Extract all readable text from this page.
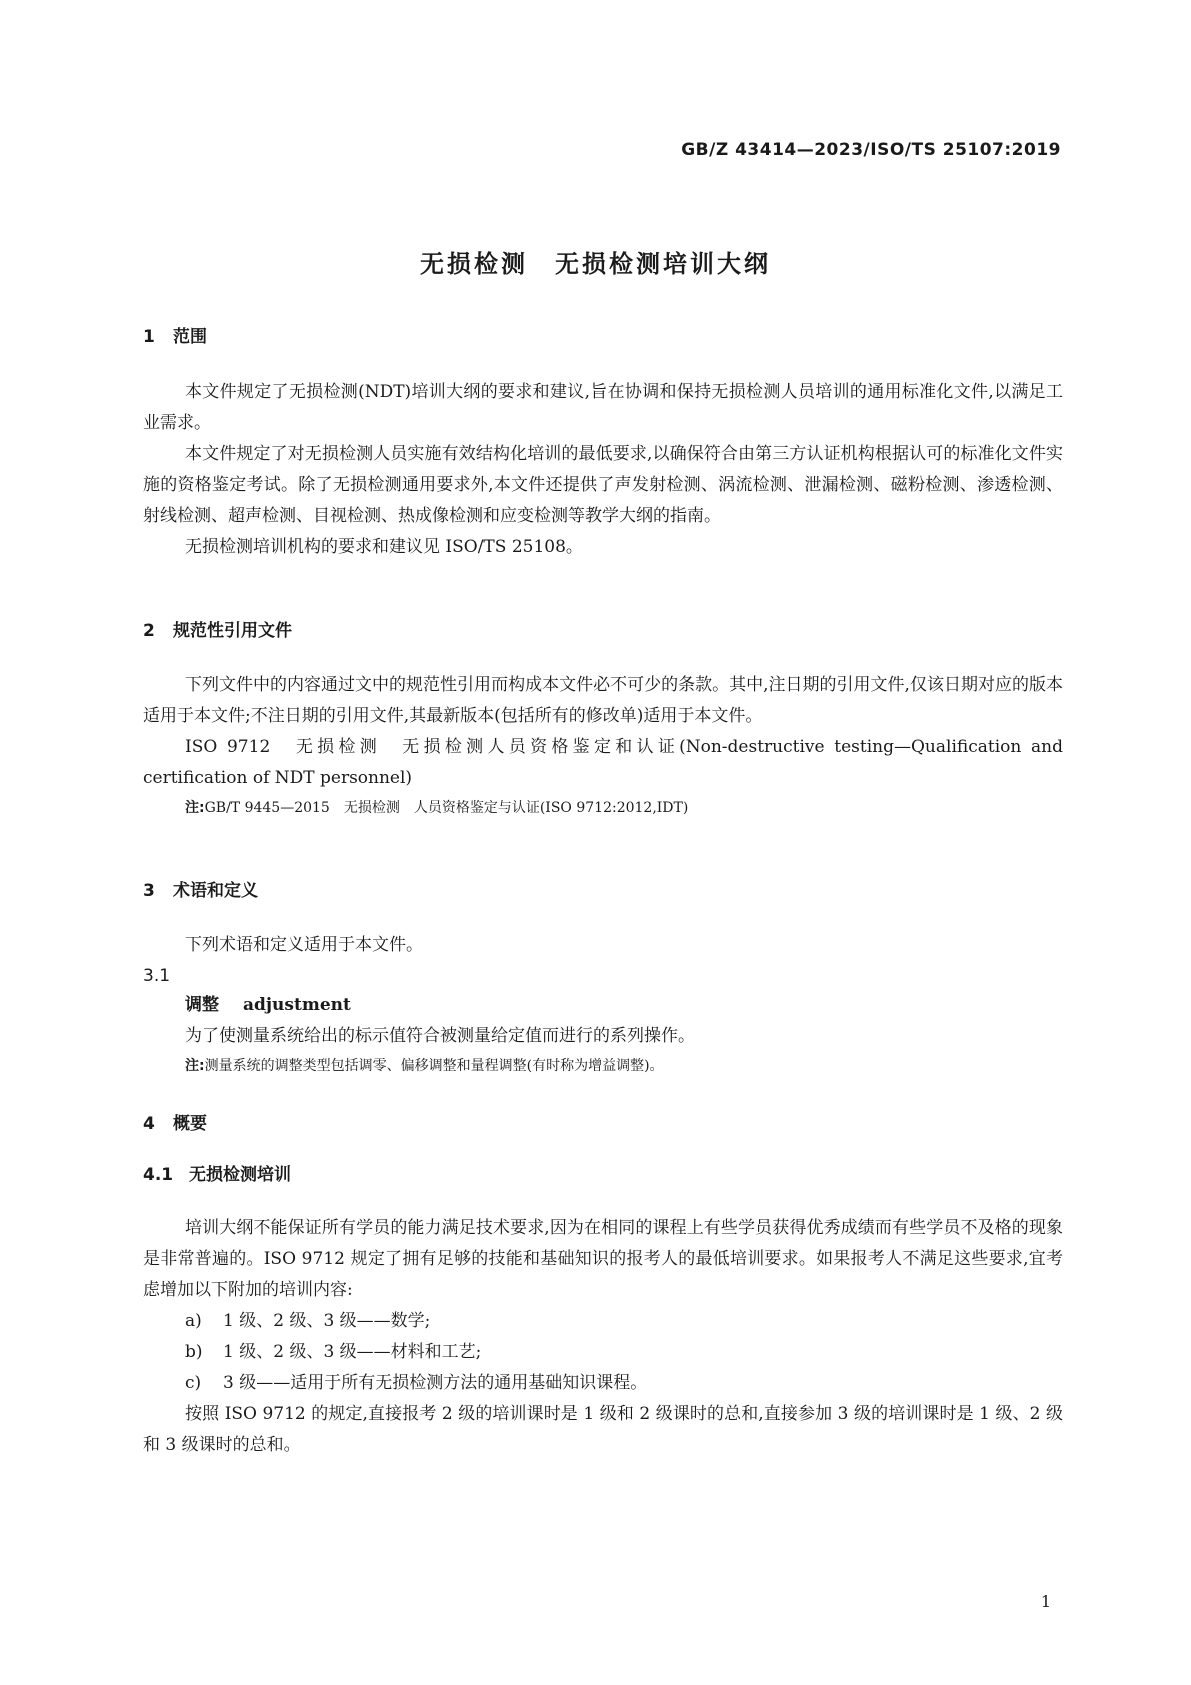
GB/Z 43414—2023/ISO/TS 25107:2019
无损检测　无损检测培训大纲
1 范围

本文件规定了无损检测(NDT)培训大纲的要求和建议,旨在协调和保持无损检测人员培训的通用标准化文件,以满足工业需求。

本文件规定了对无损检测人员实施有效结构化培训的最低要求,以确保符合由第三方认证机构根据认可的标准化文件实施的资格鉴定考试。除了无损检测通用要求外,本文件还提供了声发射检测、涡流检测、泄漏检测、磁粉检测、渗透检测、射线检测、超声检测、目视检测、热成像检测和应变检测等教学大纲的指南。

无损检测培训机构的要求和建议见 ISO/TS 25108。

2 规范性引用文件

下列文件中的内容通过文中的规范性引用而构成本文件必不可少的条款。其中,注日期的引用文件,仅该日期对应的版本适用于本文件;不注日期的引用文件,其最新版本(包括所有的修改单)适用于本文件。

ISO 9712　无损检测　无损检测人员资格鉴定和认证(Non-destructive testing—Qualification and certification of NDT personnel)

注:GB/T 9445—2015　无损检测　人员资格鉴定与认证(ISO 9712:2012,IDT)
3 术语和定义

下列术语和定义适用于本文件。

3.1
调整 adjustment
为了使测量系统给出的标示值符合被测量给定值而进行的系列操作。
注:测量系统的调整类型包括调零、偏移调整和量程调整(有时称为增益调整)。
4 概要
4.1 无损检测培训

培训大纲不能保证所有学员的能力满足技术要求,因为在相同的课程上有些学员获得优秀成绩而有些学员不及格的现象是非常普遍的。ISO 9712 规定了拥有足够的技能和基础知识的报考人的最低培训要求。如果报考人不满足这些要求,宜考虑增加以下附加的培训内容:

a) 1 级、2 级、3 级——数学;

b) 1 级、2 级、3 级——材料和工艺;

c) 3 级——适用于所有无损检测方法的通用基础知识课程。

按照 ISO 9712 的规定,直接报考 2 级的培训课时是 1 级和 2 级课时的总和,直接参加 3 级的培训课时是 1 级、2 级和 3 级课时的总和。

1
